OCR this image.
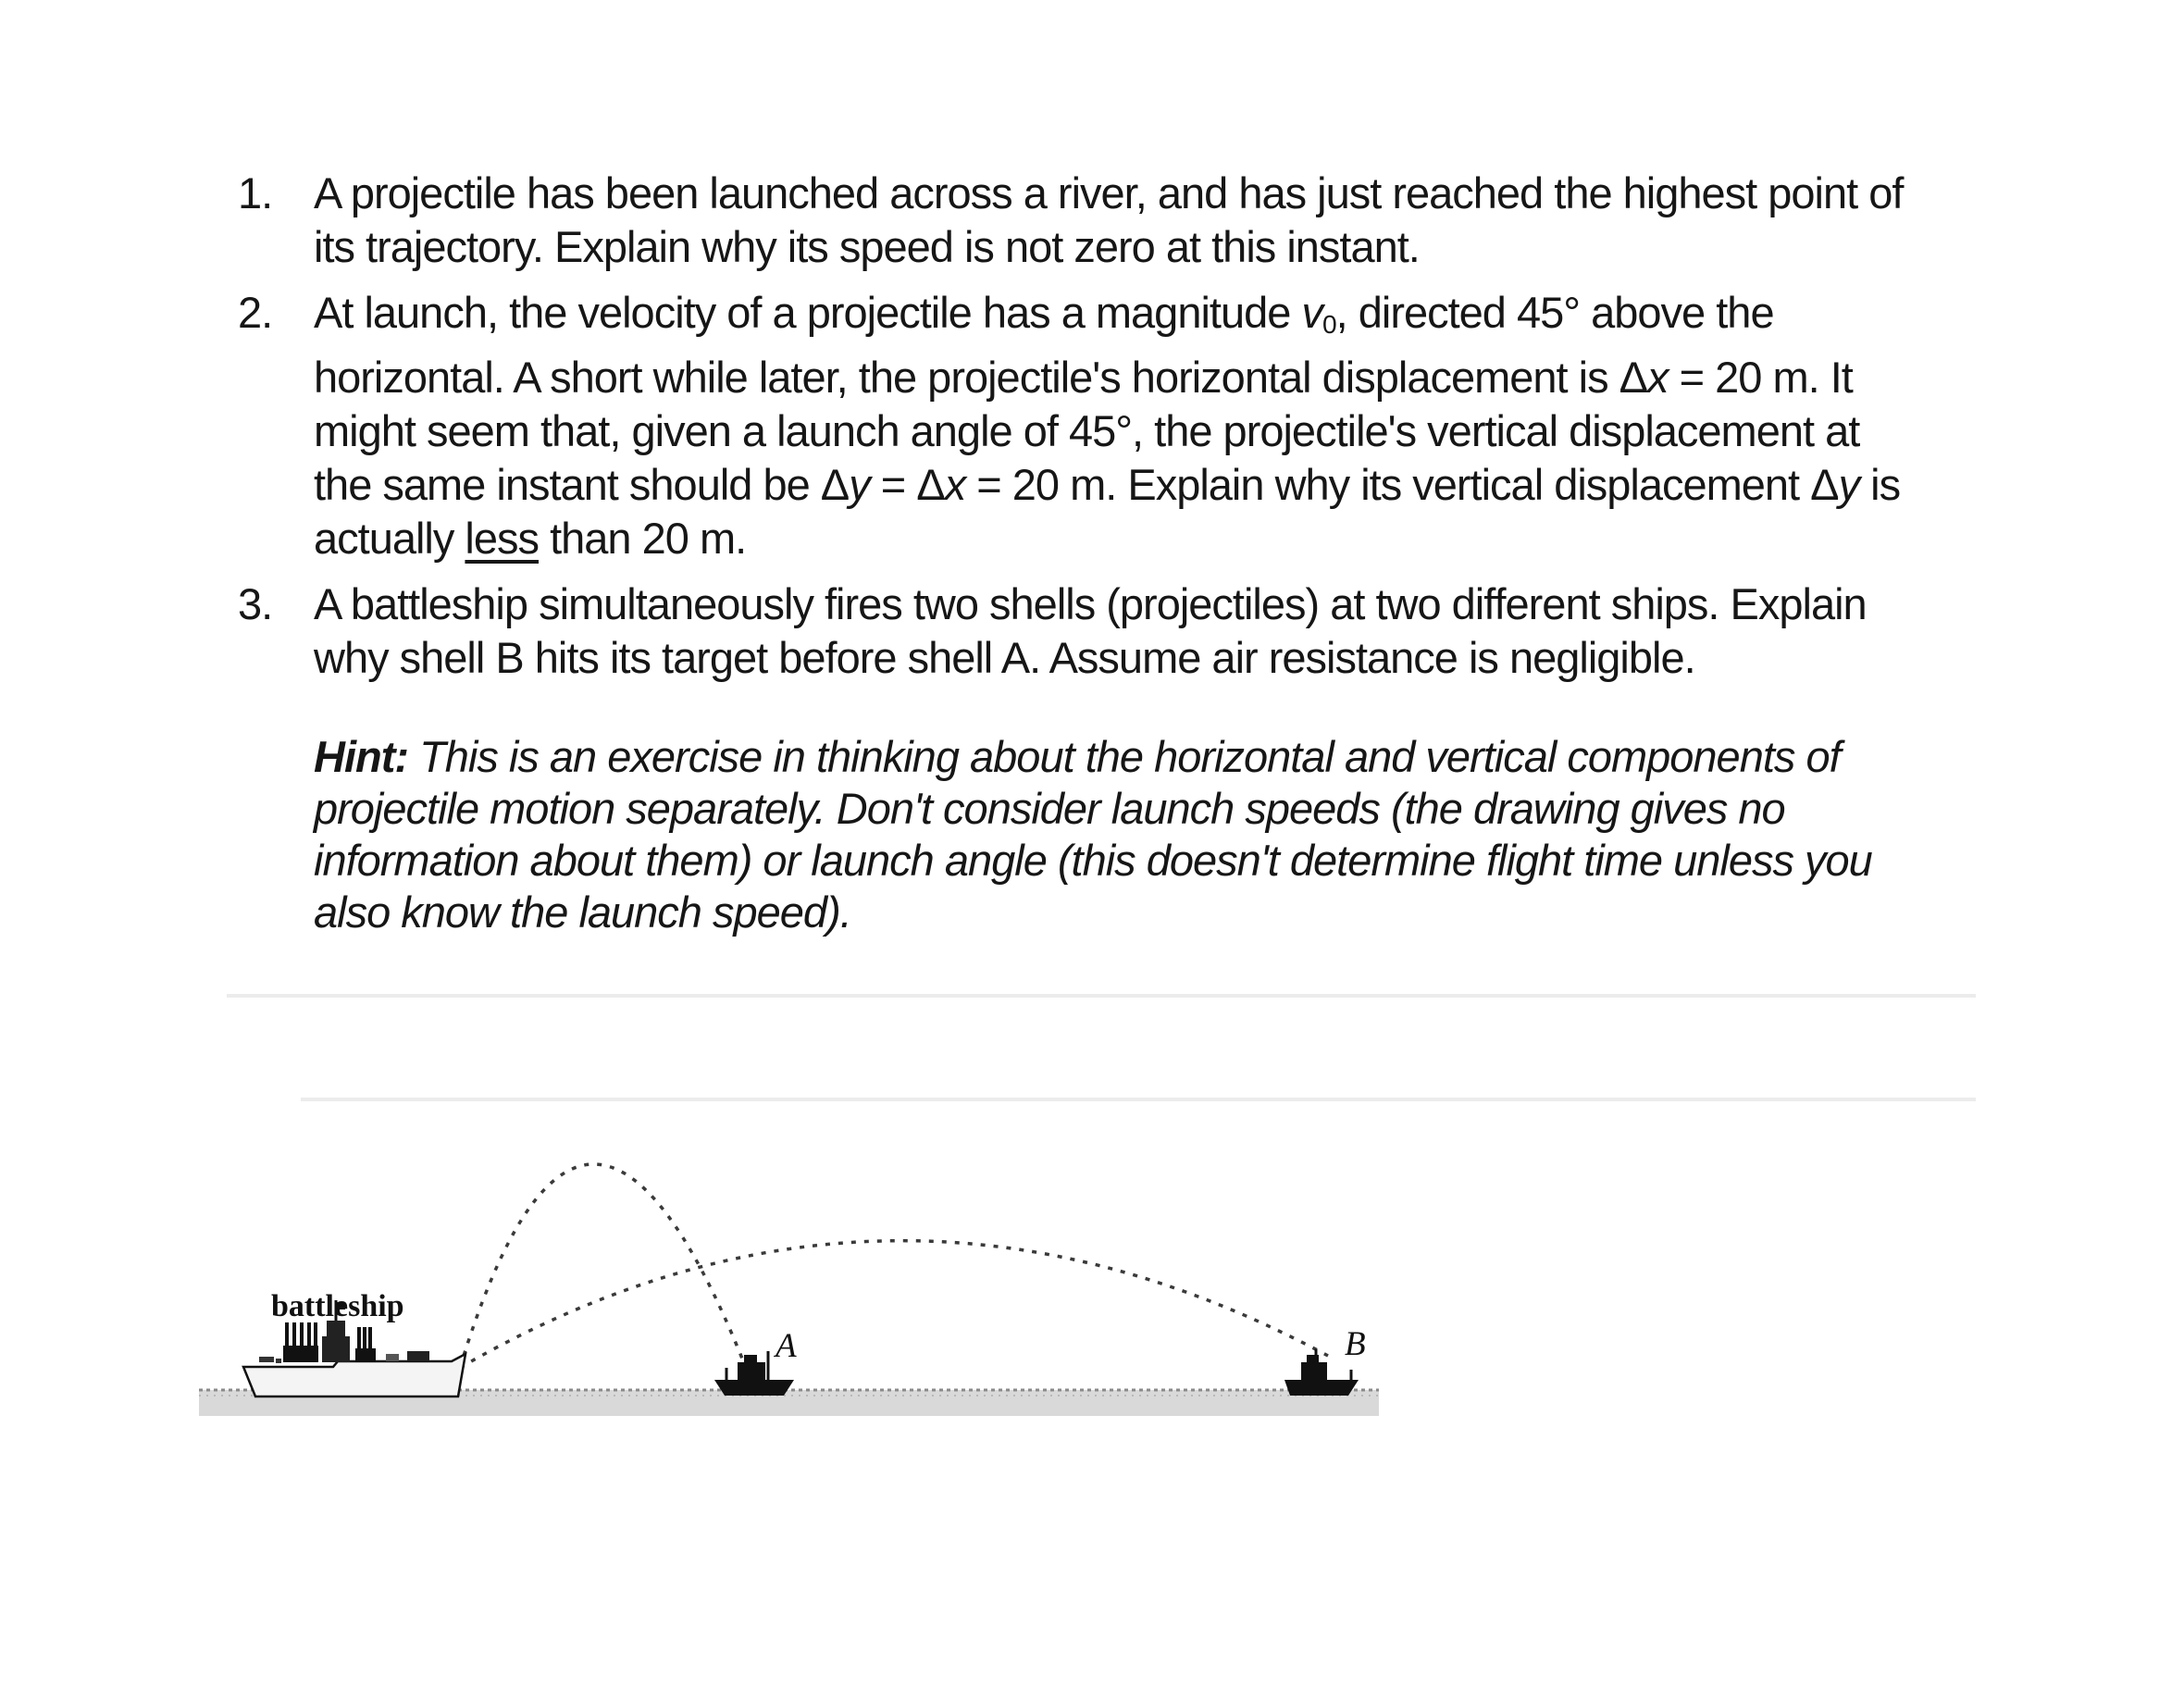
1. A projectile has been launched across a river, and has just reached the highest point of its trajectory. Explain why its speed is not zero at this instant.
2. At launch, the velocity of a projectile has a magnitude v0, directed 45° above the horizontal. A short while later, the projectile's horizontal displacement is Δx = 20 m. It might seem that, given a launch angle of 45°, the projectile's vertical displacement at the same instant should be Δy = Δx = 20 m. Explain why its vertical displacement Δy is actually less than 20 m.
3. A battleship simultaneously fires two shells (projectiles) at two different ships. Explain why shell B hits its target before shell A. Assume air resistance is negligible.
Hint: This is an exercise in thinking about the horizontal and vertical components of projectile motion separately. Don't consider launch speeds (the drawing gives no information about them) or launch angle (this doesn't determine flight time unless you also know the launch speed).
battleship
A	B
